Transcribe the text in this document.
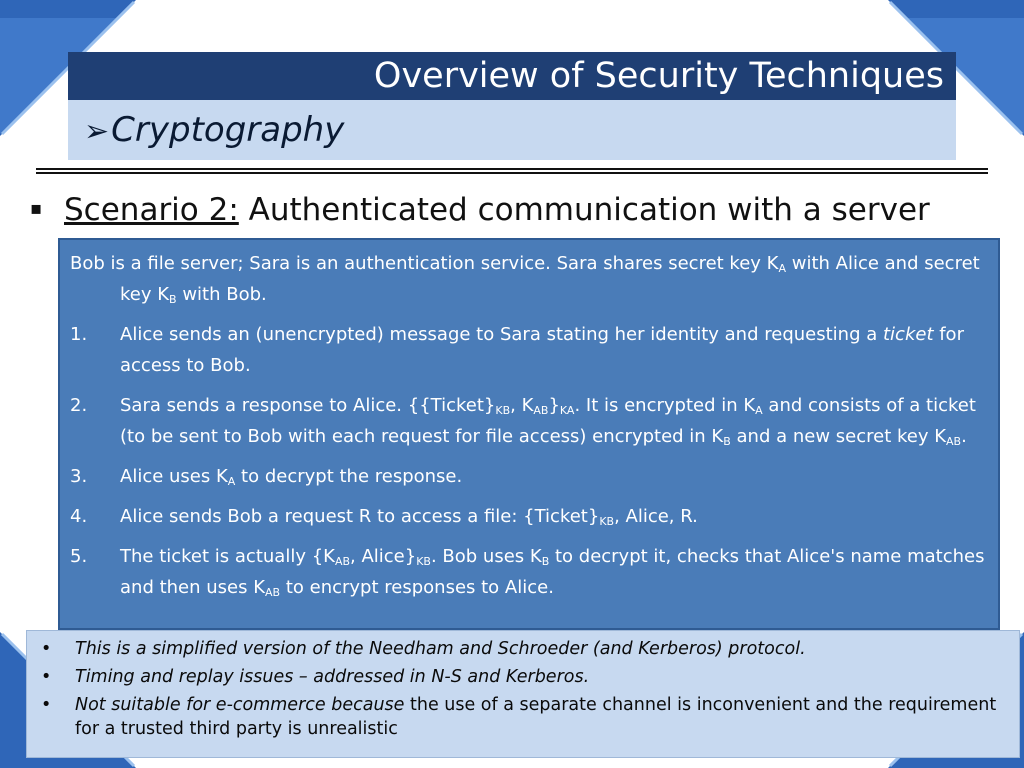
Overview of Security Techniques
➢Cryptography
▪ Scenario 2: Authenticated communication with a server

Bob is a file server; Sara is an authentication service. Sara shares secret key $K_A$ with Alice and secret key $K_B$ with Bob.

1.	Alice sends an (unencrypted) message to Sara stating her identity and requesting a ticket for access to Bob.
2.	Sara sends a response to Alice. {$\{Ticket\}_{KB}$, $K_{AB}\}_{KA}$. It is encrypted in $K_A$ and consists of a ticket (to be sent to Bob with each request for file access) encrypted in $K_B$ and a new secret key $K_{AB}$.
3.	Alice uses $K_A$ to decrypt the response.
4.	Alice sends Bob a request R to access a file: $\{Ticket\}_{KB}$, Alice, R.
5.	The ticket is actually {$K_{AB}$, $Alice\}_{KB}$. Bob uses $K_B$ to decrypt it, checks that Alice's name matches and then uses $K_{AB}$ to encrypt responses to Alice.
•	This is a simplified version of the Needham and Schroeder (and Kerberos) protocol.
•	Timing and replay issues – addressed in N-S and Kerberos.
•	Not suitable for e-commerce because the use of a separate channel is inconvenient and the requirement for a trusted third party is unrealistic
